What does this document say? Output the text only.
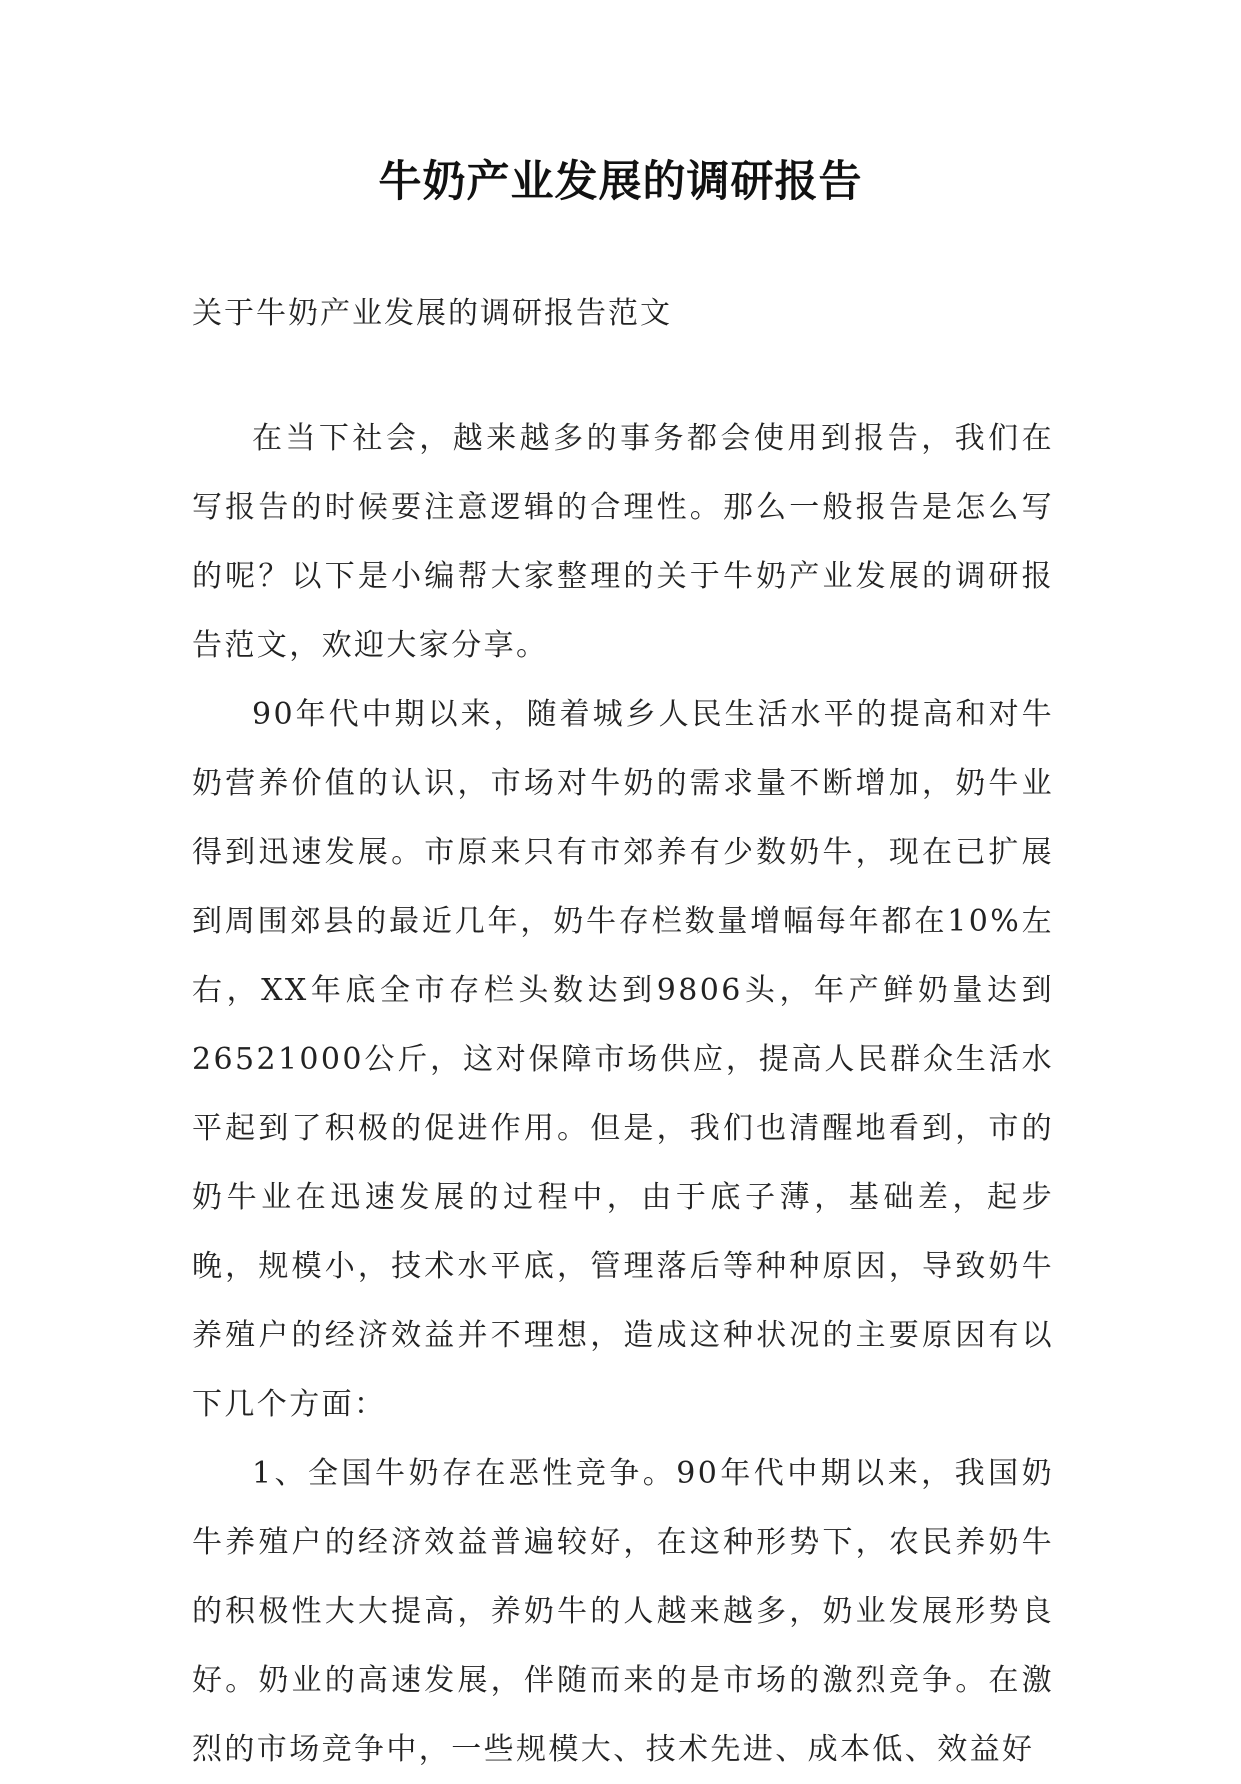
牛奶产业发展的调研报告
关于牛奶产业发展的调研报告范文

在当下社会，越来越多的事务都会使用到报告，我们在写报告的时候要注意逻辑的合理性。那么一般报告是怎么写的呢？以下是小编帮大家整理的关于牛奶产业发展的调研报告范文，欢迎大家分享。

90年代中期以来，随着城乡人民生活水平的提高和对牛奶营养价值的认识，市场对牛奶的需求量不断增加，奶牛业得到迅速发展。市原来只有市郊养有少数奶牛，现在已扩展到周围郊县的最近几年，奶牛存栏数量增幅每年都在10%左右，XX年底全市存栏头数达到9806头，年产鲜奶量达到26521000公斤，这对保障市场供应，提高人民群众生活水平起到了积极的促进作用。但是，我们也清醒地看到，市的奶牛业在迅速发展的过程中，由于底子薄，基础差，起步晚，规模小，技术水平底，管理落后等种种原因，导致奶牛养殖户的经济效益并不理想，造成这种状况的主要原因有以下几个方面：

1、全国牛奶存在恶性竞争。90年代中期以来，我国奶牛养殖户的经济效益普遍较好，在这种形势下，农民养奶牛的积极性大大提高，养奶牛的人越来越多，奶业发展形势良好。奶业的高速发展，伴随而来的是市场的激烈竞争。在激烈的市场竞争中，一些规模大、技术先进、成本低、效益好
